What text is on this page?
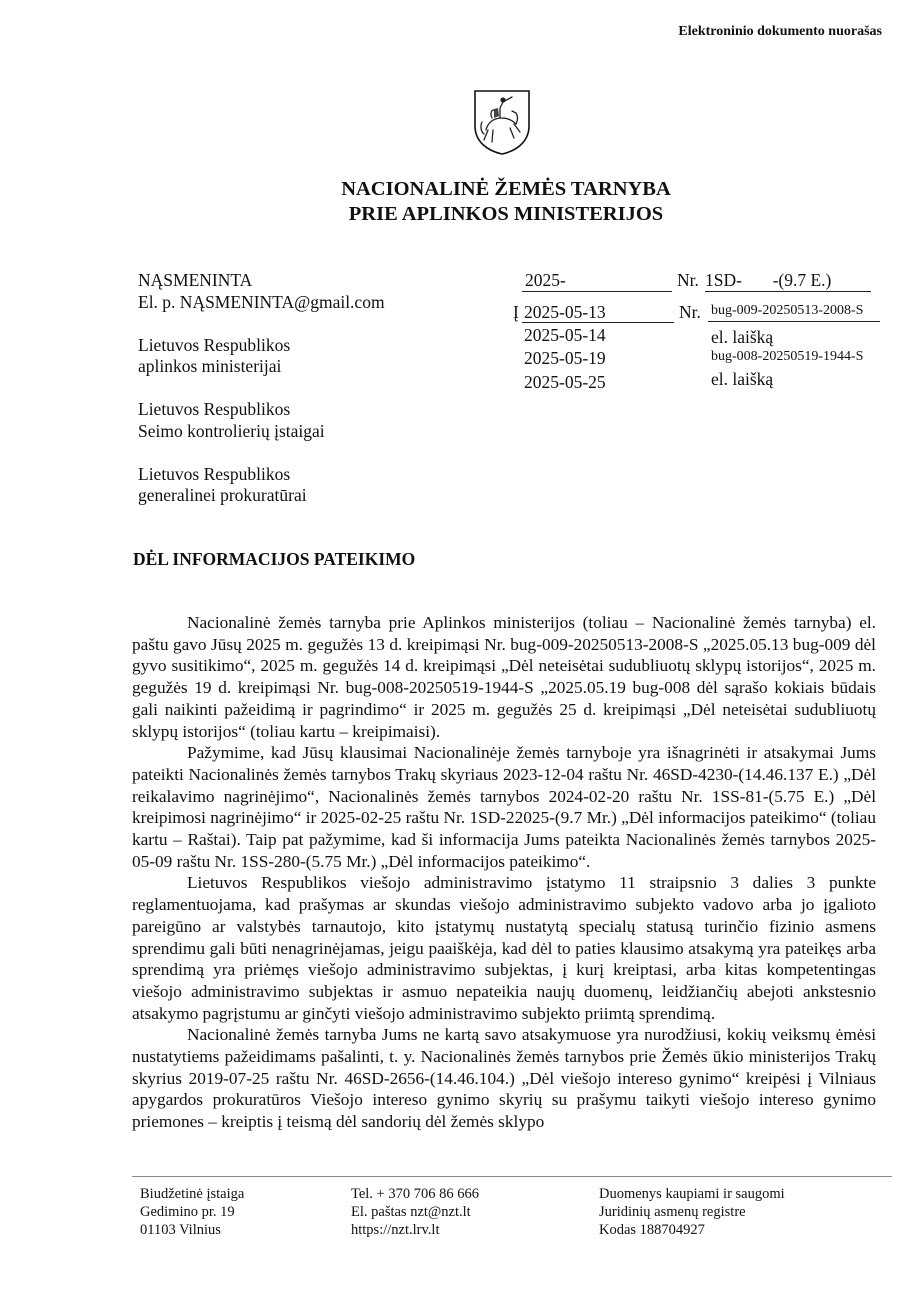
Elektroninio dokumento nuorašas
NACIONALINĖ ŽEMĖS TARNYBA
PRIE APLINKOS MINISTERIJOS
NĄSMENINTA
El. p. NĄSMENINTA@gmail.com
Lietuvos Respublikos
aplinkos ministerijai
Lietuvos Respublikos
Seimo kontrolierių įstaigai
Lietuvos Respublikos
generalinei prokuratūrai
2025-	Nr. 1SD-       -(9.7 E.)
Į 2025-05-13	Nr. bug-009-20250513-2008-S
2025-05-14	el. laišką
2025-05-19	bug-008-20250519-1944-S
2025-05-25	el. laišką
DĖL INFORMACIJOS PATEIKIMO

Nacionalinė žemės tarnyba prie Aplinkos ministerijos (toliau – Nacionalinė žemės tarnyba) el. paštu gavo Jūsų 2025 m. gegužės 13 d. kreipimąsi Nr. bug-009-20250513-2008-S „2025.05.13 bug-009 dėl gyvo susitikimo“, 2025 m. gegužės 14 d. kreipimąsi „Dėl neteisėtai sudubliuotų sklypų istorijos“, 2025 m. gegužės 19 d. kreipimąsi Nr. bug-008-20250519-1944-S „2025.05.19 bug-008 dėl sąrašo kokiais būdais gali naikinti pažeidimą ir pagrindimo“ ir 2025 m. gegužės 25 d. kreipimąsi „Dėl neteisėtai sudubliuotų sklypų istorijos“ (toliau kartu – kreipimaisi).

Pažymime, kad Jūsų klausimai Nacionalinėje žemės tarnyboje yra išnagrinėti ir atsakymai Jums pateikti Nacionalinės žemės tarnybos Trakų skyriaus 2023-12-04 raštu Nr. 46SD-4230-(14.46.137 E.) „Dėl reikalavimo nagrinėjimo“, Nacionalinės žemės tarnybos 2024-02-20 raštu Nr. 1SS-81-(5.75 E.) „Dėl kreipimosi nagrinėjimo“ ir 2025-02-25 raštu Nr. 1SD-22025-(9.7 Mr.) „Dėl informacijos pateikimo“ (toliau kartu – Raštai). Taip pat pažymime, kad ši informacija Jums pateikta Nacionalinės žemės tarnybos 2025-05-09 raštu Nr. 1SS-280-(5.75 Mr.) „Dėl informacijos pateikimo“.

Lietuvos Respublikos viešojo administravimo įstatymo 11 straipsnio 3 dalies 3 punkte reglamentuojama, kad prašymas ar skundas viešojo administravimo subjekto vadovo arba jo įgalioto pareigūno ar valstybės tarnautojo, kito įstatymų nustatytą specialų statusą turinčio fizinio asmens sprendimu gali būti nenagrinėjamas, jeigu paaiškėja, kad dėl to paties klausimo atsakymą yra pateikęs arba sprendimą yra priėmęs viešojo administravimo subjektas, į kurį kreiptasi, arba kitas kompetentingas viešojo administravimo subjektas ir asmuo nepateikia naujų duomenų, leidžiančių abejoti ankstesnio atsakymo pagrįstumu ar ginčyti viešojo administravimo subjekto priimtą sprendimą.

Nacionalinė žemės tarnyba Jums ne kartą savo atsakymuose yra nurodžiusi, kokių veiksmų ėmėsi nustatytiems pažeidimams pašalinti, t. y. Nacionalinės žemės tarnybos prie Žemės ūkio ministerijos Trakų skyrius 2019-07-25 raštu Nr. 46SD-2656-(14.46.104.) „Dėl viešojo intereso gynimo“ kreipėsi į Vilniaus apygardos prokuratūros Viešojo intereso gynimo skyrių su prašymu taikyti viešojo intereso gynimo priemones – kreiptis į teismą dėl sandorių dėl žemės sklypo

Biudžetinė įstaiga
Gedimino pr. 19
01103 Vilnius
Tel. + 370 706 86 666
El. paštas nzt@nzt.lt
https://nzt.lrv.lt
Duomenys kaupiami ir saugomi
Juridinių asmenų registre
Kodas 188704927
